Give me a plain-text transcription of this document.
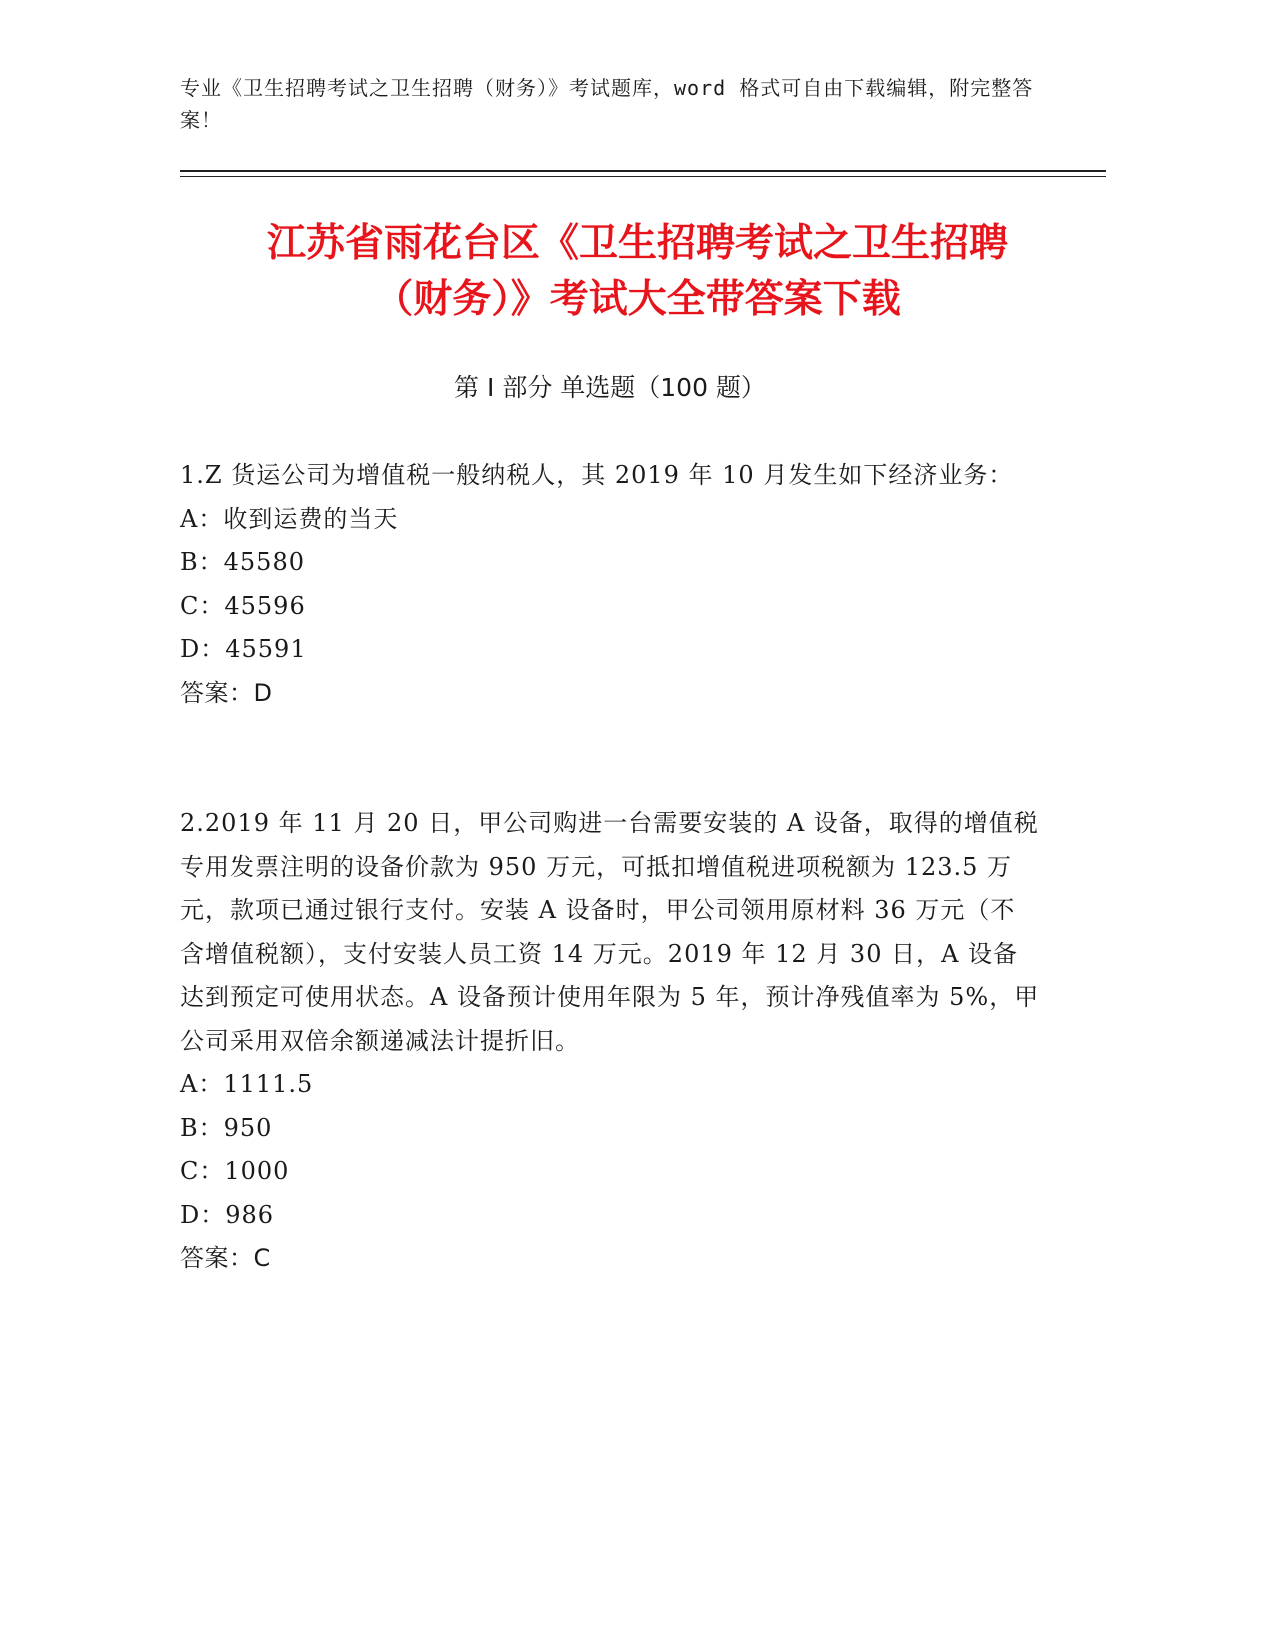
专业《卫生招聘考试之卫生招聘（财务）》考试题库，word 格式可自由下载编辑，附完整答案！
江苏省雨花台区《卫生招聘考试之卫生招聘
（财务）》考试大全带答案下载
第 I 部分 单选题（100 题）

1.Z 货运公司为增值税一般纳税人，其 2019 年 10 月发生如下经济业务：

A：收到运费的当天

B：45580

C：45596

D：45591

答案：D

2.2019 年 11 月 20 日，甲公司购进一台需要安装的 A 设备，取得的增值税专用发票注明的设备价款为 950 万元，可抵扣增值税进项税额为 123.5 万元，款项已通过银行支付。安装 A 设备时，甲公司领用原材料 36 万元（不含增值税额），支付安装人员工资 14 万元。2019 年 12 月 30 日，A 设备达到预定可使用状态。A 设备预计使用年限为 5 年，预计净残值率为 5%，甲公司采用双倍余额递减法计提折旧。

A：1111.5

B：950

C：1000

D：986

答案：C
